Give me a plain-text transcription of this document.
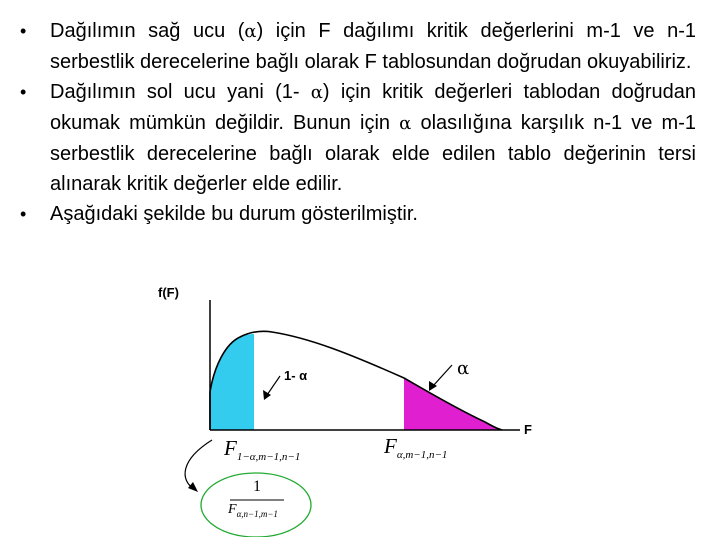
•	Dağılımın sağ ucu (α) için F dağılımı kritik değerlerini m-1 ve n-1 serbestlik derecelerine bağlı olarak F tablosundan doğrudan okuyabiliriz.
•	Dağılımın sol ucu yani (1- α) için kritik değerleri tablodan doğrudan okumak mümkün değildir. Bunun için α olasılığına karşılık n-1 ve m-1 serbestlik derecelerine bağlı olarak elde edilen tablo değerinin tersi alınarak kritik değerler elde edilir.
•	Aşağıdaki şekilde bu durum gösterilmiştir.
f(F)
F
1- α	α
$F_{1-\alpha,m-1,n-1}$	$F_{\alpha,m-1,n-1}$
1
$F_{\alpha,n-1,m-1}$
